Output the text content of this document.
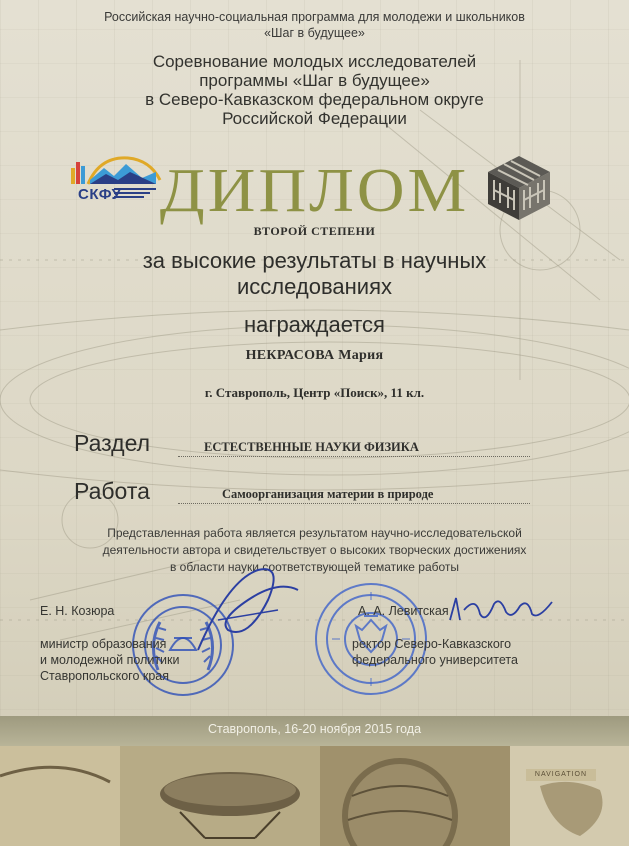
Российская научно-социальная программа для молодежи и школьников
«Шаг в будущее»
Соревнование молодых исследователей
программы «Шаг в будущее»
в Северо-Кавказском федеральном округе
Российской Федерации
СКФУ ДИПЛОМ
ВТОРОЙ СТЕПЕНИ
за высокие результаты в научных
исследованиях
награждается
НЕКРАСОВА Мария
г. Ставрополь, Центр «Поиск», 11 кл.
Раздел	ЕСТЕСТВЕННЫЕ НАУКИ ФИЗИКА
Работа	Самоорганизация материи в природе
Представленная работа является результатом научно-исследовательской
деятельности автора и свидетельствует о высоких творческих достижениях
в области науки соответствующей тематике работы
Е. Н. Козюра
министр образования
и молодежной политики
Ставропольского края
А. А. Левитская
ректор Северо-Кавказского
федерального университета
Ставрополь, 16-20 ноября 2015 года
NAVIGATION
